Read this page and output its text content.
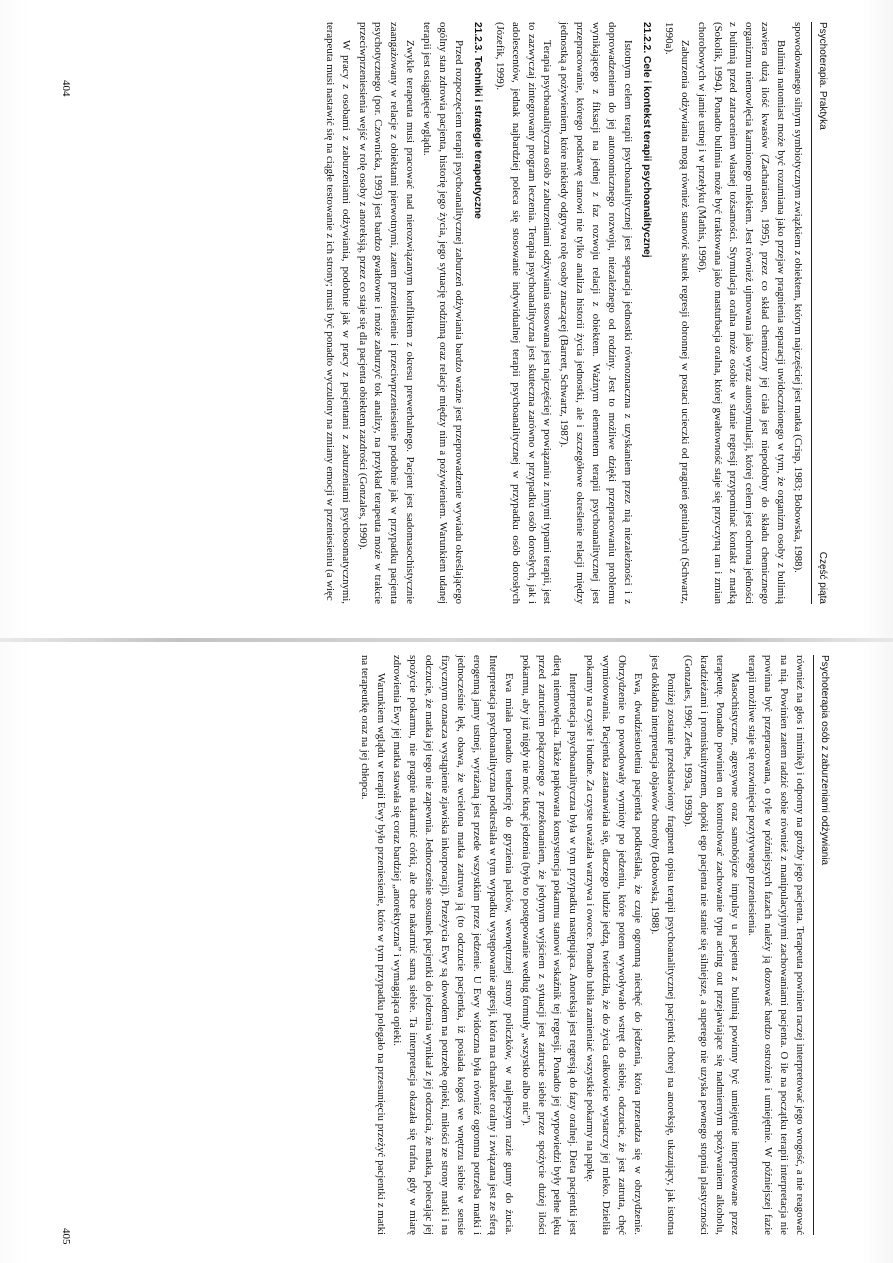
Psychoterapia. Praktyka
Część piąta

spowodowanego silnym symbiotycznym związkiem z obiektem, którym najczęściej jest matka (Crisp, 1983; Bobowska, 1988).

Bulimia natomiast może być rozumiana jako przejaw pragnienia separacji uwidocznionego w tym, że organizm osoby z bulimią zawiera dużą ilość kwasów (Zachariasen, 1995), przez co skład chemiczny jej ciała jest niepodobny do składu chemicznego organizmu niemowlęcia karmionego mlekiem. Jest również ujmowana jako wyraz autostymulacji, której celem jest ochrona jedności z bulimią przed zatraceniem własnej tożsamości. Stymulacja oralna może osobie w stanie regresji przypominać kontakt z matką (Sokolik, 1994). Ponadto bulimia może być traktowana jako masturbacja oralna, której gwałtowność staje się przyczyną ran i zmian chorobowych w jamie ustnej i w przełyku (Mathis, 1996).

Zaburzenia odżywiania mogą również stanowić skutek regresji obronnej w postaci ucieczki od pragnień genitalnych (Schwartz, 1990a).

21.2.2. Cele i kontekst terapii psychoanalitycznej

Istotnym celem terapii psychoanalitycznej jest separacja jednostki równoznaczna z uzyskaniem przez nią niezależności i z doprowadzeniem do jej autonomicznego rozwoju, niezależnego od rodziny. Jest to możliwe dzięki przepracowaniu problemu wynikającego z fiksacji na jednej z faz rozwoju relacji z obiektem. Ważnym elementem terapii psychoanalitycznej jest przepracowanie, którego podstawę stanowi nie tylko analiza historii życia jednostki, ale i szczegółowe określenie relacji między jednostką a pożywieniem, które niekiedy odgrywa rolę osoby znaczącej (Barrett, Schwartz, 1987).

Terapia psychoanalityczna osób z zaburzeniami odżywiania stosowana jest najczęściej w powiązaniu z innymi typami terapii, jest to zazwyczaj zintegrowany program leczenia. Terapia psychoanalityczna jest skuteczna zarówno w przypadku osób dorosłych, jak i adolescentów, jednak najbardziej poleca się stosowanie indywidualnej terapii psychoanalitycznej w przypadku osób dorosłych (Józefik, 1999).

21.2.3. Techniki i strategie terapeutyczne

Przed rozpoczęciem terapii psychoanalitycznej zaburzeń odżywiania bardzo ważne jest przeprowadzenie wywiadu określającego ogólny stan zdrowia pacjenta, historię jego życia, jego sytuację rodzinną oraz relacje między nim a pożywieniem. Warunkiem udanej terapii jest osiągnięcie wglądu.

Zwykle terapeuta musi pracować nad nierozwiązanym konfliktem z okresu prewerbalnego. Pacjent jest sadomasochistycznie zaangażowany w relacje z obiektami pierwotnymi, zatem przeniesienie i przeciwprzeniesienie podobnie jak w przypadku pacjenta psychotycznego (por. Czownicka, 1993) jest bardzo gwałtowne i może zaburzyć tok analizy, na przykład terapeuta może w trakcie przeciwprzeniesienia wejść w rolę osoby z anoreksją, przez co staje się dla pacjenta obiektem zazdrości (Gonzales, 1990).

W pracy z osobami z zaburzeniami odżywiania, podobnie jak w pracy z pacjentami z zaburzeniami psychosomatycznymi, terapeuta musi nastawić się na ciągłe testowanie z ich strony; musi być ponadto wyczulony na zmiany emocji w przeniesieniu (a więc

404
Psychoterapia osób z zaburzeniami odżywiania

również na głos i mimikę) i odporny na groźby jego pacjenta. Terapeuta powinien raczej interpretować jego wrogość, a nie reagować na nią. Powinien zatem radzić sobie również z manipulacyjnymi zachowaniami pacjenta. O ile na początku terapii interpretacja nie powinna być przepracowana, o tyle w późniejszych fazach należy ją dozować bardzo ostrożnie i umiejętnie. W późniejszej fazie terapii możliwe staje się rozwinięcie pozytywnego przeniesienia.

Masochistyczne, agresywne oraz samobójcze impulsy u pacjenta z bulimią powinny być umiejętnie interpretowane przez terapeutę. Ponadto powinien on kontrolować zachowanie typu acting out przejawiające się nadmiernym spożywaniem alkoholu, kradzieżami i promiskuityzmem, dopóki ego pacjenta nie stanie się silniejsze, a superego nie uzyska pewnego stopnia plastyczności (Gonzales, 1990; Zerbe, 1993a, 1993b).

Poniżej zostanie przedstawiony fragment opisu terapii psychoanalitycznej pacjentki chorej na anoreksję, ukazujący, jak istotna jest dokładna interpretacja objawów choroby (Bobowska, 1988).

Ewa, dwudziestoletnia pacjentka podkreślała, że czuje ogromną niechęć do jedzenia, która przeradza się w obrzydzenie. Obrzydzenie to powodowały wymioty po jedzeniu, które potem wywoływało wstręt do siebie, odczucie, że jest zatruta, chęć wymiotowania. Pacjentka zastanawiała się, dlaczego ludzie jedzą, twierdziła, że do życia całkowicie wystarczy jej mleko. Dzieliła pokarmy na czyste i brudne. Za czyste uważała warzywa i owoce. Ponadto lubiła zamieniać wszystkie pokarmy na papkę.

Interpretacja psychoanalityczna była w tym przypadku następująca. Anoreksja jest regresją do fazy oralnej. Dieta pacjentki jest dietą niemowlęcia. Także papkowata konsystencja pokarmu stanowi wskaźnik tej regresji. Ponadto jej wypowiedzi były pełne lęku przed zatruciem połączonego z przekonaniem, że jedynym wyjściem z sytuacji jest zatrucie siebie przez spożycie dużej ilości pokarmu, aby już nigdy nie móc tknąć jedzenia (było to postępowanie według formuły „wszystko albo nic”).

Ewa miała ponadto tendencję do gryzienia palców, wewnętrznej strony policzków, w najlepszym razie gumy do żucia. Interpretacja psychoanalityczna podkreślała w tym wypadku występowanie agresji, która ma charakter oralny i związana jest ze sferą erogenną jamy ustnej, wyrażaną jest przede wszystkim przez jedzenie. U Ewy widoczna była również ogromna potrzeba matki i jednocześnie lęk, obawa, że wcielona matka zatruwa ją (to odczucie pacjentka, iż posiada kogoś we wnętrzu siebie w sensie fizycznym oznacza wystąpienie zjawiska inkorporacji). Przeżycia Ewy są dowodem na potrzebę opieki, miłości ze strony matki i na odczucie, że matka jej tego nie zapewnia. Jednocześnie stosunek pacjentki do jedzenia wynikał z jej odczucia, że matka, polecając jej spożycie pokarmu, nie pragnie nakarmić córki, ale chce nakarmić samą siebie. Ta interpretacja okazała się trafna, gdy w miarę zdrowienia Ewy jej matka stawała się coraz bardziej „anorektyczna” i wymagająca opieki.

Warunkiem wglądu w terapii Ewy było przeniesienie, które w tym przypadku polegało na przesunięciu przeżyć pacjentki z matki na terapeutkę oraz na jej chłopca.

405
